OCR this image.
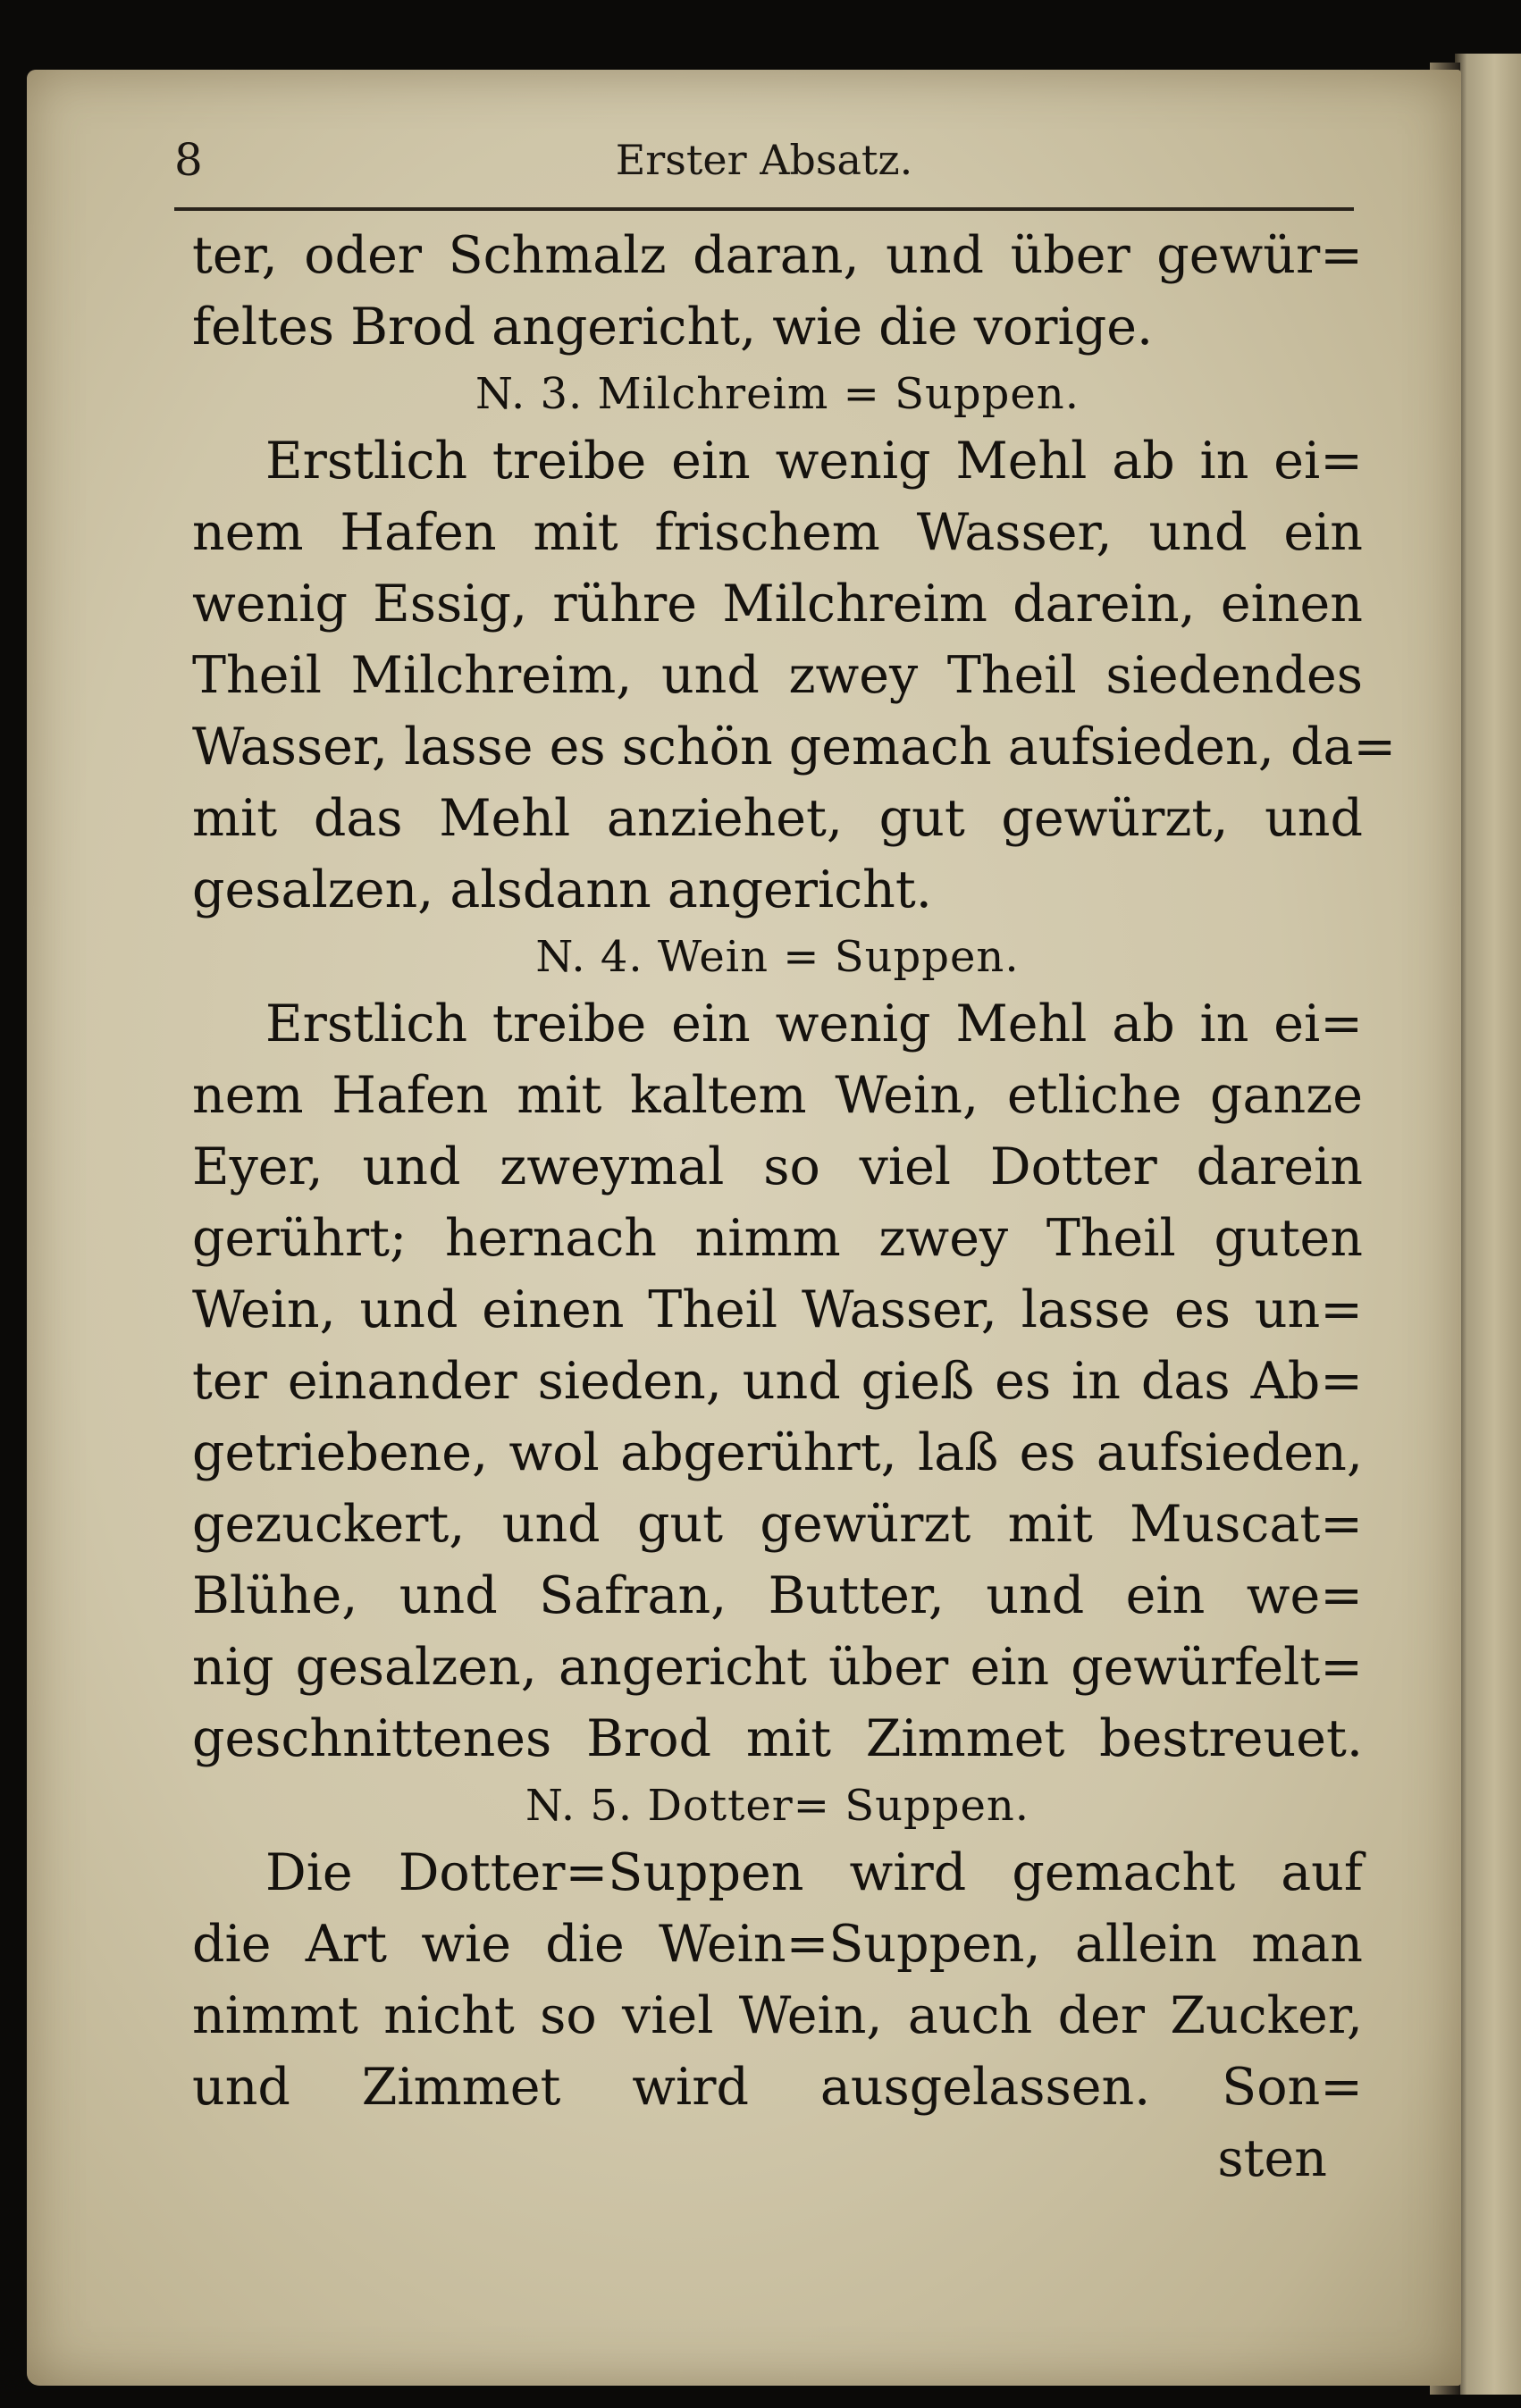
8	Erster Absatz.
ter, oder Schmalz daran, und über gewür=
feltes Brod angericht, wie die vorige.
N. 3. Milchreim = Suppen.
Erstlich treibe ein wenig Mehl ab in ei=
nem Hafen mit frischem Wasser, und ein
wenig Essig, rühre Milchreim darein, einen
Theil Milchreim, und zwey Theil siedendes
Wasser, lasse es schön gemach aufsieden, da=
mit das Mehl anziehet, gut gewürzt, und
gesalzen, alsdann angericht.
N. 4. Wein = Suppen.
Erstlich treibe ein wenig Mehl ab in ei=
nem Hafen mit kaltem Wein, etliche ganze
Eyer, und zweymal so viel Dotter darein
gerührt; hernach nimm zwey Theil guten
Wein, und einen Theil Wasser, lasse es un=
ter einander sieden, und gieß es in das Ab=
getriebene, wol abgerührt, laß es aufsieden,
gezuckert, und gut gewürzt mit Muscat=
Blühe, und Safran, Butter, und ein we=
nig gesalzen, angericht über ein gewürfelt=
geschnittenes Brod mit Zimmet bestreuet.
N. 5. Dotter= Suppen.
Die Dotter=Suppen wird gemacht auf
die Art wie die Wein=Suppen, allein man
nimmt nicht so viel Wein, auch der Zucker,
und Zimmet wird ausgelassen. Son=
sten
